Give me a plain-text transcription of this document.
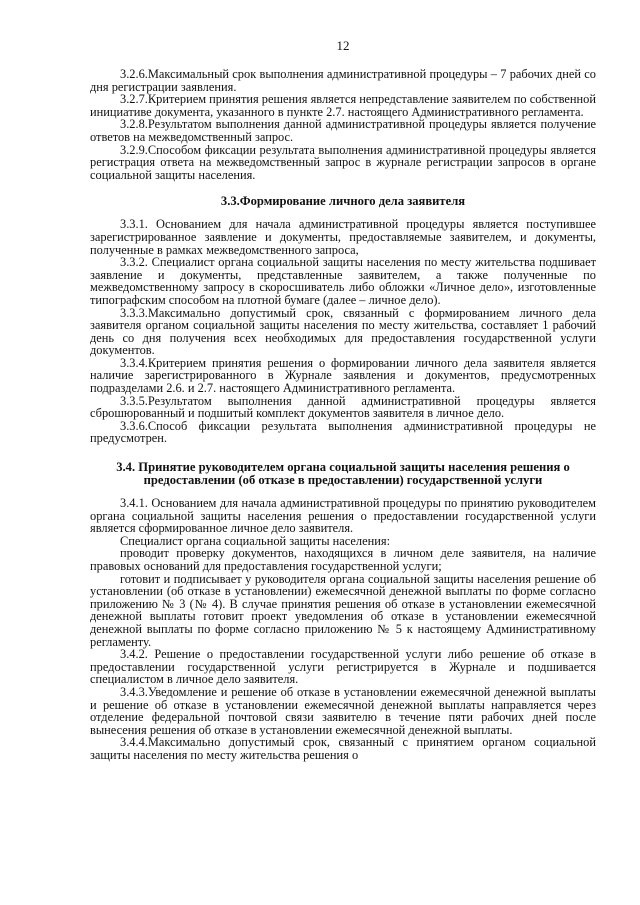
12

3.2.6.Максимальный срок выполнения административной процедуры – 7 рабочих дней со дня регистрации заявления.

3.2.7.Критерием принятия решения является непредставление заявителем по собственной инициативе документа, указанного в пункте 2.7. настоящего Административного регламента.

3.2.8.Результатом выполнения данной административной процедуры является получение ответов на межведомственный запрос.

3.2.9.Способом фиксации результата выполнения административной процедуры является регистрация ответа на межведомственный запрос в журнале регистрации запросов в органе социальной защиты населения.

3.3.Формирование личного дела заявителя

3.3.1. Основанием для начала административной процедуры является поступившее зарегистрированное заявление и документы, предоставляемые заявителем, и документы, полученные в рамках межведомственного запроса,

3.3.2. Специалист органа социальной защиты населения по месту жительства подшивает заявление и документы, представленные заявителем, а также полученные по межведомственному запросу в скоросшиватель либо обложки «Личное дело», изготовленные типографским способом на плотной бумаге (далее – личное дело).

3.3.3.Максимально допустимый срок, связанный с формированием личного дела заявителя органом социальной защиты населения по месту жительства, составляет 1 рабочий день со дня получения всех необходимых для предоставления государственной услуги документов.

3.3.4.Критерием принятия решения о формировании личного дела заявителя является наличие зарегистрированного в Журнале заявления и документов, предусмотренных подразделами 2.6. и 2.7. настоящего Административного регламента.

3.3.5.Результатом выполнения данной административной процедуры является сброшюрованный и подшитый комплект документов заявителя в личное дело.

3.3.6.Способ фиксации результата выполнения административной процедуры не предусмотрен.

3.4. Принятие руководителем органа социальной защиты населения решения о предоставлении (об отказе в предоставлении) государственной услуги

3.4.1. Основанием для начала административной процедуры по принятию руководителем органа социальной защиты населения решения о предоставлении государственной услуги является сформированное личное дело заявителя.

Специалист органа социальной защиты населения:

проводит проверку документов, находящихся в личном деле заявителя, на наличие правовых оснований для предоставления государственной услуги;

готовит и подписывает у руководителя органа социальной защиты населения решение об установлении (об отказе в установлении) ежемесячной денежной выплаты по форме согласно приложению № 3 (№ 4). В случае принятия решения об отказе в установлении ежемесячной денежной выплаты готовит проект уведомления об отказе в установлении ежемесячной денежной выплаты по форме согласно приложению № 5 к настоящему Административному регламенту.

3.4.2. Решение о предоставлении государственной услуги либо решение об отказе в предоставлении государственной услуги регистрируется в Журнале и подшивается специалистом в личное дело заявителя.

3.4.3.Уведомление и решение об отказе в установлении ежемесячной денежной выплаты и решение об отказе в установлении ежемесячной денежной выплаты направляется через отделение федеральной почтовой связи заявителю в течение пяти рабочих дней после вынесения решения об отказе в установлении ежемесячной денежной выплаты.

3.4.4.Максимально допустимый срок, связанный с принятием органом социальной защиты населения по месту жительства решения о
